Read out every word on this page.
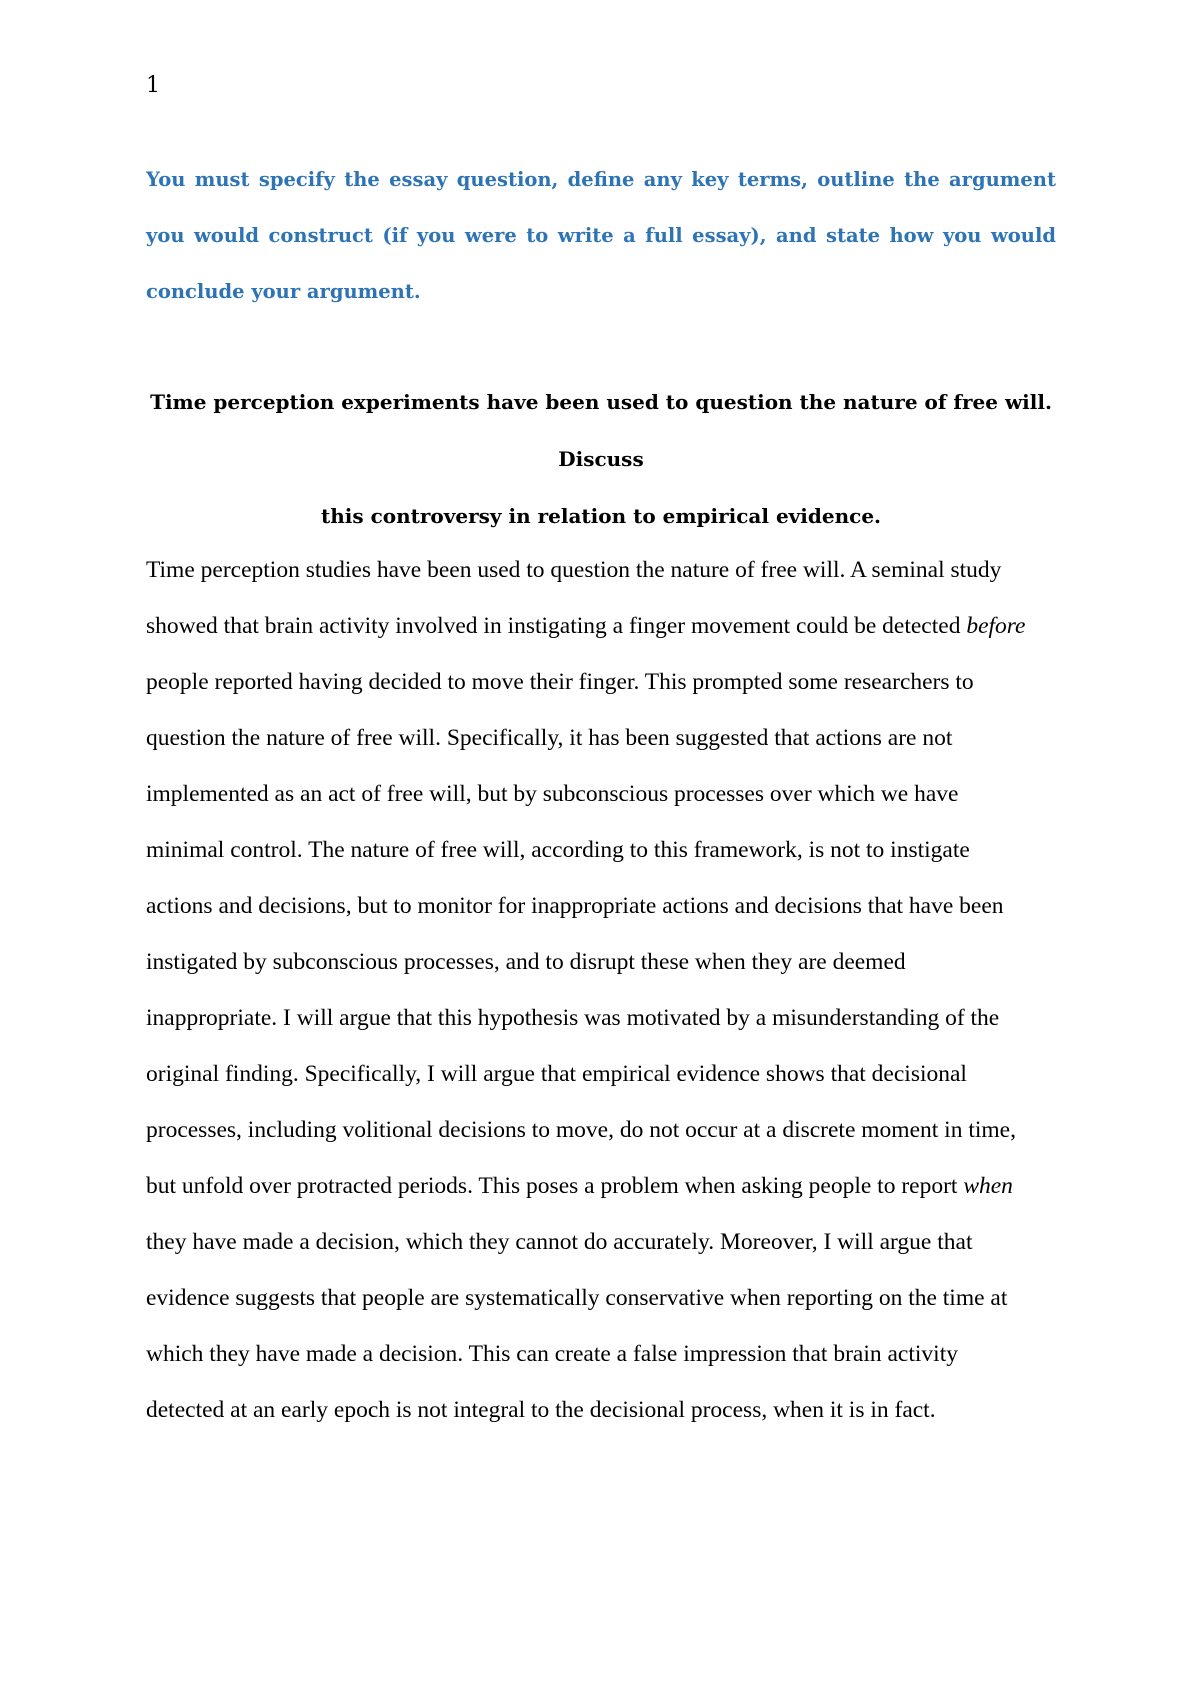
1

You must specify the essay question, define any key terms, outline the argument you would construct (if you were to write a full essay), and state how you would conclude your argument.

Time perception experiments have been used to question the nature of free will. Discuss
this controversy in relation to empirical evidence.
Time perception studies have been used to question the nature of free will. A seminal study
showed that brain activity involved in instigating a finger movement could be detected before
people reported having decided to move their finger. This prompted some researchers to
question the nature of free will. Specifically, it has been suggested that actions are not
implemented as an act of free will, but by subconscious processes over which we have
minimal control. The nature of free will, according to this framework, is not to instigate
actions and decisions, but to monitor for inappropriate actions and decisions that have been
instigated by subconscious processes, and to disrupt these when they are deemed
inappropriate. I will argue that this hypothesis was motivated by a misunderstanding of the
original finding. Specifically, I will argue that empirical evidence shows that decisional
processes, including volitional decisions to move, do not occur at a discrete moment in time,
but unfold over protracted periods. This poses a problem when asking people to report when
they have made a decision, which they cannot do accurately. Moreover, I will argue that
evidence suggests that people are systematically conservative when reporting on the time at
which they have made a decision. This can create a false impression that brain activity
detected at an early epoch is not integral to the decisional process, when it is in fact.
